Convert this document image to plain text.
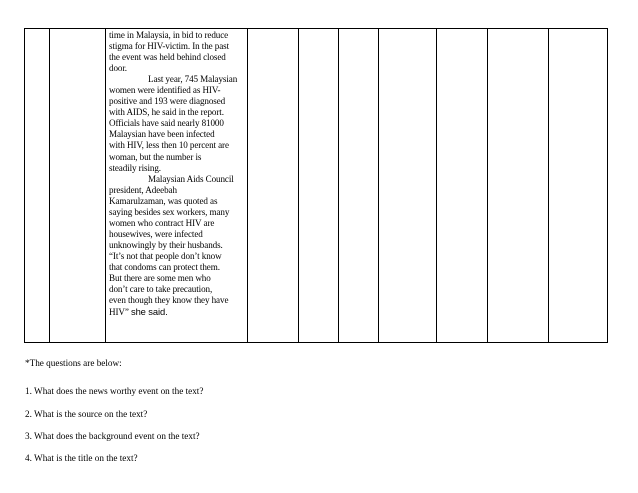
time in Malaysia, in bid to reduce
stigma for HIV-victim. In the past
the event was held behind closed
door.
Last year, 745 Malaysian
women were identified as HIV-
positive and 193 were diagnosed
with AIDS, he said in the report.
Officials have said nearly 81000
Malaysian have been infected
with HIV, less then 10 percent are
woman, but the number is
steadily rising.
Malaysian Aids Council
president, Adeebah
Kamarulzaman, was quoted as
saying besides sex workers, many
women who contract HIV are
housewives, were infected
unknowingly by their husbands.
“It’s not that people don’t know
that condoms can protect them.
But there are some men who
don’t care to take precaution,
even though they know they have
HIV” she said.
*The questions are below:
1. What does the news worthy event on the text?
2. What is the source on the text?
3. What does the background event on the text?
4. What is the title on the text?
